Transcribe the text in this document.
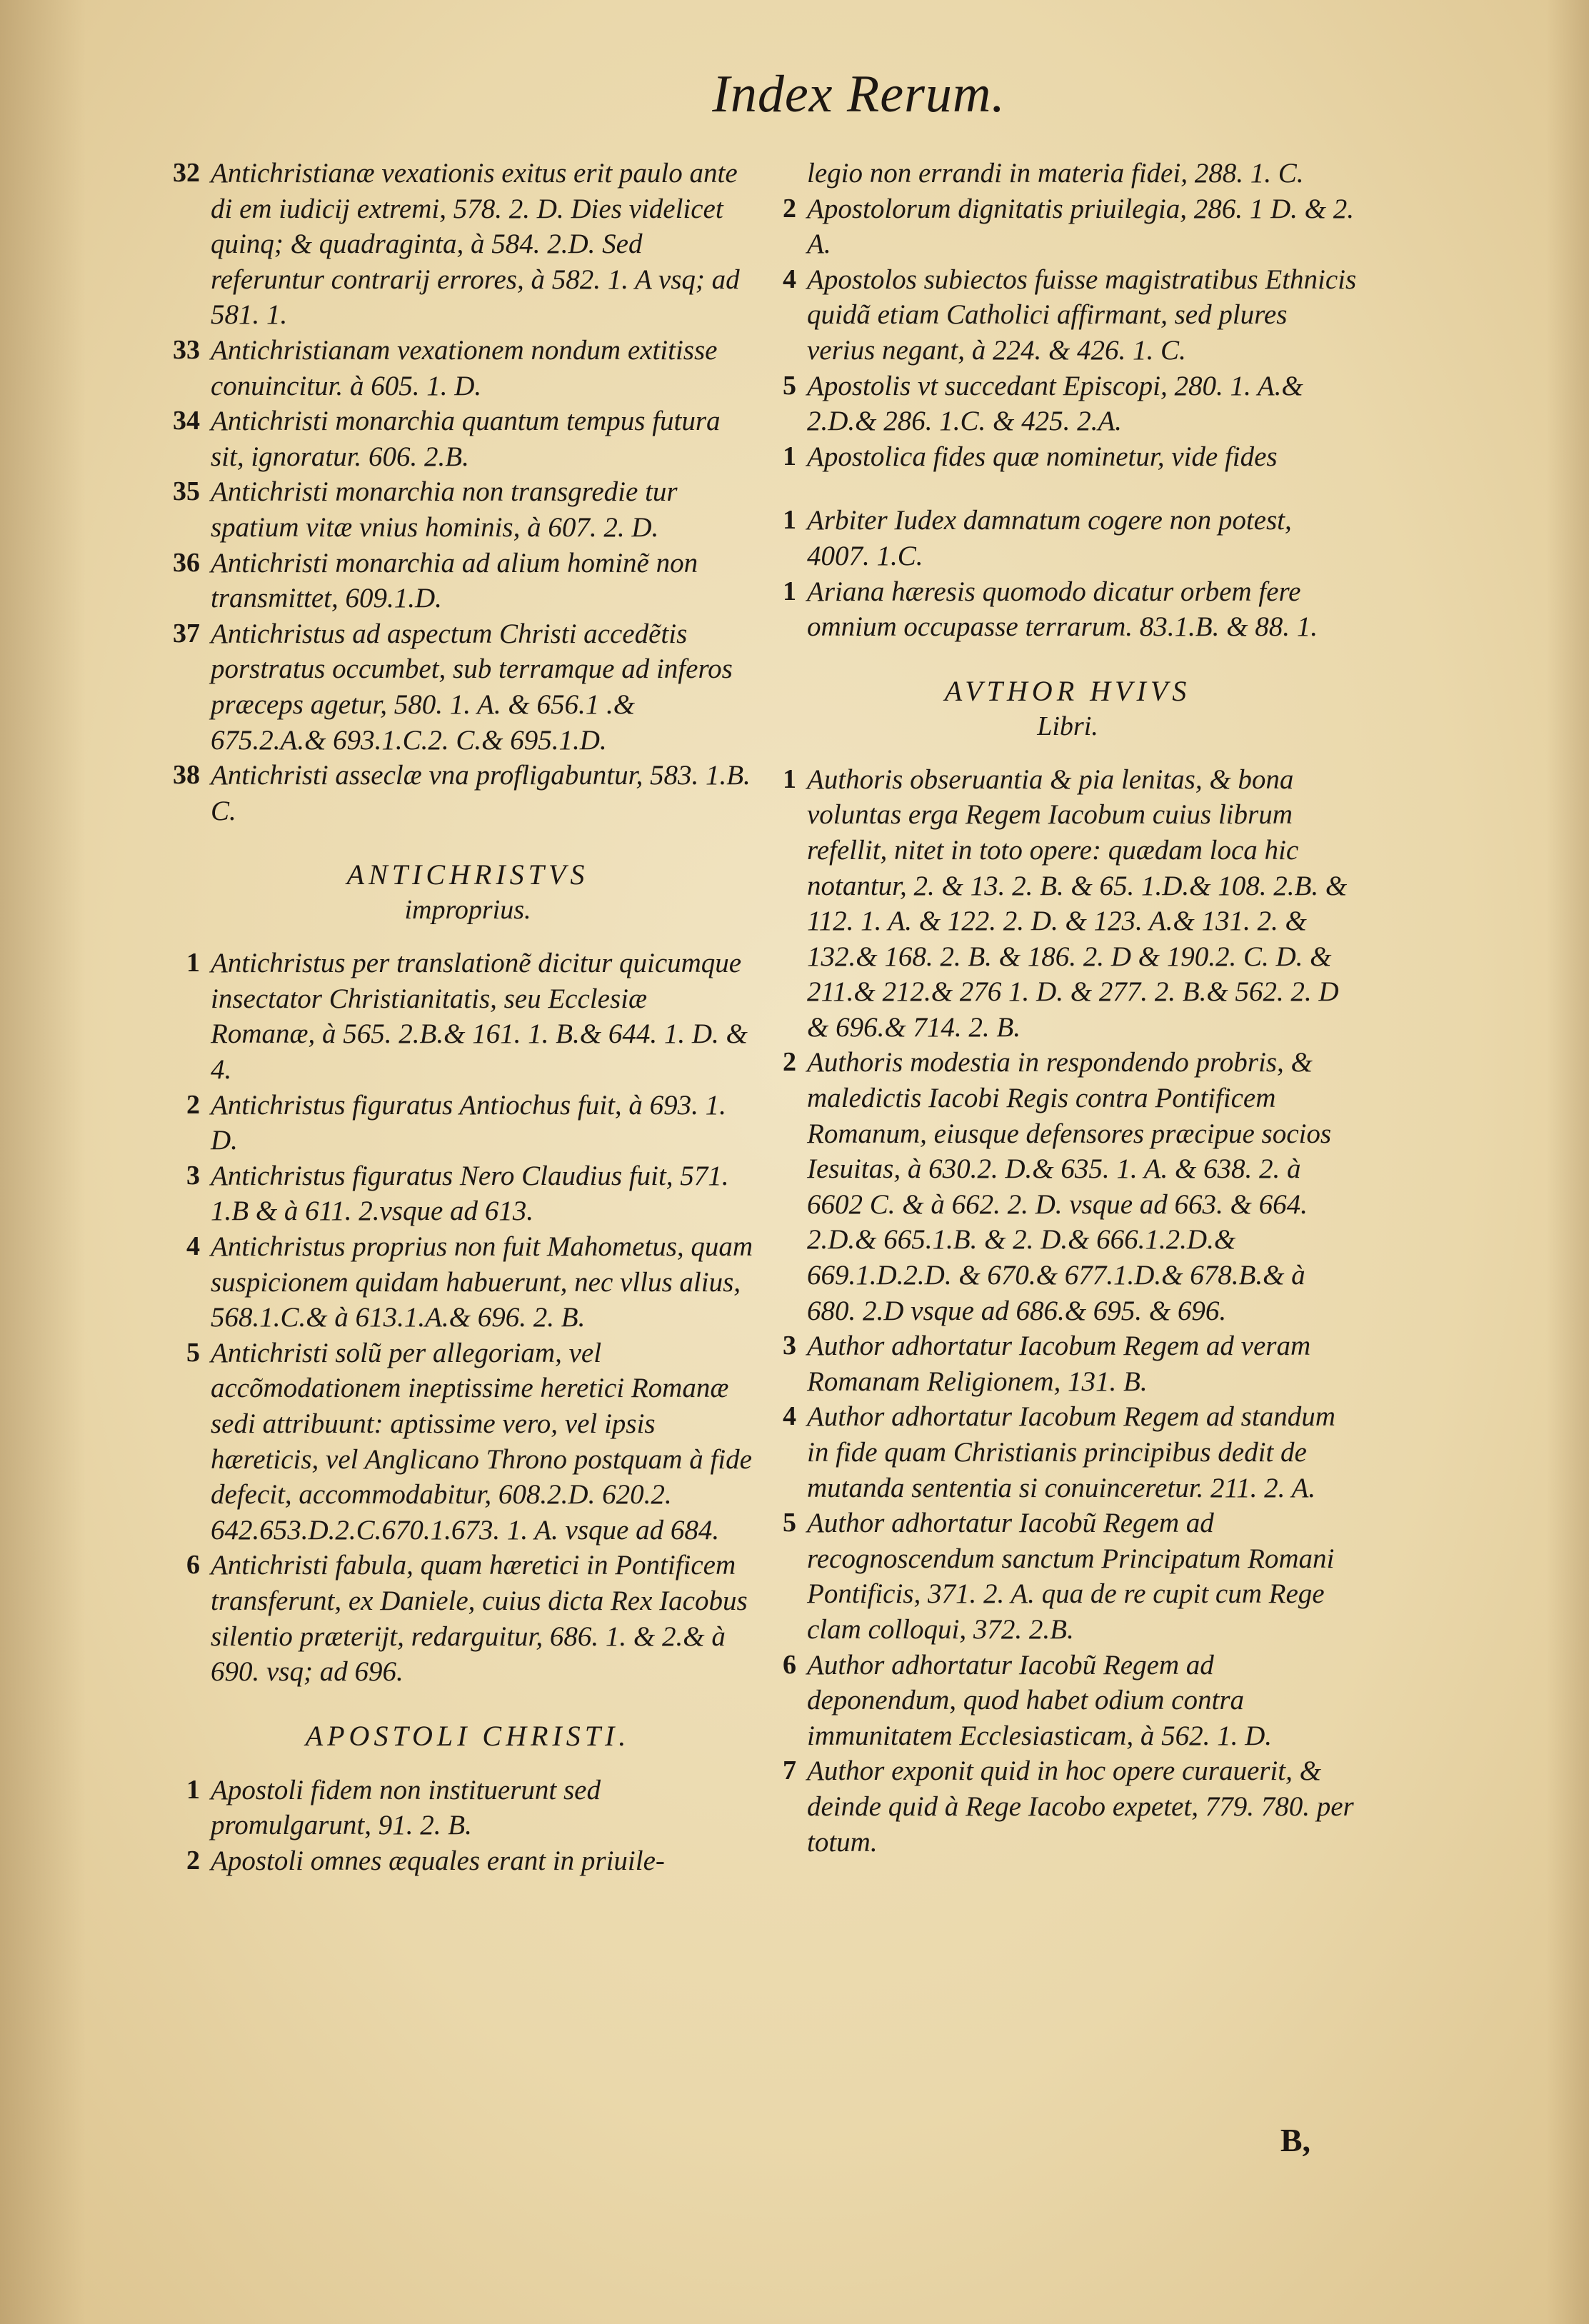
Index Rerum.
32 Antichristianæ vexationis exitus erit paulo ante di em iudicij extremi, 578. 2. D. Dies videlicet quinq; & quadraginta, à 584. 2.D. Sed referuntur contrarij errores, à 582. 1. A vsq; ad 581. 1.
33 Antichristianam vexationem nondum extitisse conuincitur. à 605. 1. D.
34 Antichristi monarchia quantum tempus futura sit, ignoratur. 606. 2.B.
35 Antichristi monarchia non transgredie tur spatium vitæ vnius hominis, à 607. 2. D.
36 Antichristi monarchia ad alium hominẽ non transmittet, 609.1.D.
37 Antichristus ad aspectum Christi accedẽtis porstratus occumbet, sub terramque ad inferos præceps agetur, 580. 1. A. & 656.1 .& 675.2.A.& 693.1.C.2. C.& 695.1.D.
38 Antichristi asseclæ vna profligabuntur, 583. 1.B. C.
ANTICHRISTVS
improprius.
1 Antichristus per translationẽ dicitur quicumque insectator Christianitatis, seu Ecclesiæ Romanæ, à 565. 2.B.& 161. 1. B.& 644. 1. D. & 4.
2 Antichristus figuratus Antiochus fuit, à 693. 1. D.
3 Antichristus figuratus Nero Claudius fuit, 571. 1.B & à 611. 2.vsque ad 613.
4 Antichristus proprius non fuit Mahometus, quam suspicionem quidam habuerunt, nec vllus alius, 568.1.C.& à 613.1.A.& 696. 2. B.
5 Antichristi solũ per allegoriam, vel accõmodationem ineptissime heretici Romanæ sedi attribuunt: aptissime vero, vel ipsis hæreticis, vel Anglicano Throno postquam à fide defecit, accommodabitur, 608.2.D. 620.2. 642.653.D.2.C.670.1.673. 1. A. vsque ad 684.
6 Antichristi fabula, quam hæretici in Pontificem transferunt, ex Daniele, cuius dicta Rex Iacobus silentio præterijt, redarguitur, 686. 1. & 2.& à 690. vsq; ad 696.
APOSTOLI CHRISTI.
1 Apostoli fidem non instituerunt sed promulgarunt, 91. 2. B.
2 Apostoli omnes æquales erant in priuile-
legio non errandi in materia fidei, 288. 1. C.
2 Apostolorum dignitatis priuilegia, 286. 1 D. & 2. A.
4 Apostolos subiectos fuisse magistratibus Ethnicis quidã etiam Catholici affirmant, sed plures verius negant, à 224. & 426. 1. C.
5 Apostolis vt succedant Episcopi, 280. 1. A.& 2.D.& 286. 1.C. & 425. 2.A.
1 Apostolica fides quæ nominetur, vide fides
1 Arbiter Iudex damnatum cogere non potest, 4007. 1.C.
1 Ariana hæresis quomodo dicatur orbem fere omnium occupasse terrarum. 83.1.B. & 88. 1.
AVTHOR HVIVS
Libri.
1 Authoris obseruantia & pia lenitas, & bona voluntas erga Regem Iacobum cuius librum refellit, nitet in toto opere: quædam loca hic notantur, 2. & 13. 2. B. & 65. 1.D.& 108. 2.B. & 112. 1. A. & 122. 2. D. & 123. A.& 131. 2. & 132.& 168. 2. B. & 186. 2. D & 190.2. C. D. & 211.& 212.& 276 1. D. & 277. 2. B.& 562. 2. D & 696.& 714. 2. B.
2 Authoris modestia in respondendo probris, & maledictis Iacobi Regis contra Pontificem Romanum, eiusque defensores præcipue socios Iesuitas, à 630.2. D.& 635. 1. A. & 638. 2. à 6602 C. & à 662. 2. D. vsque ad 663. & 664. 2.D.& 665.1.B. & 2. D.& 666.1.2.D.& 669.1.D.2.D. & 670.& 677.1.D.& 678.B.& à 680. 2.D vsque ad 686.& 695. & 696.
3 Author adhortatur Iacobum Regem ad veram Romanam Religionem, 131. B.
4 Author adhortatur Iacobum Regem ad standum in fide quam Christianis principibus dedit de mutanda sententia si conuinceretur. 211. 2. A.
5 Author adhortatur Iacobũ Regem ad recognoscendum sanctum Principatum Romani Pontificis, 371. 2. A. qua de re cupit cum Rege clam colloqui, 372. 2.B.
6 Author adhortatur Iacobũ Regem ad deponendum, quod habet odium contra immunitatem Ecclesiasticam, à 562. 1. D.
7 Author exponit quid in hoc opere curauerit, & deinde quid à Rege Iacobo expetet, 779. 780. per totum.
B,
